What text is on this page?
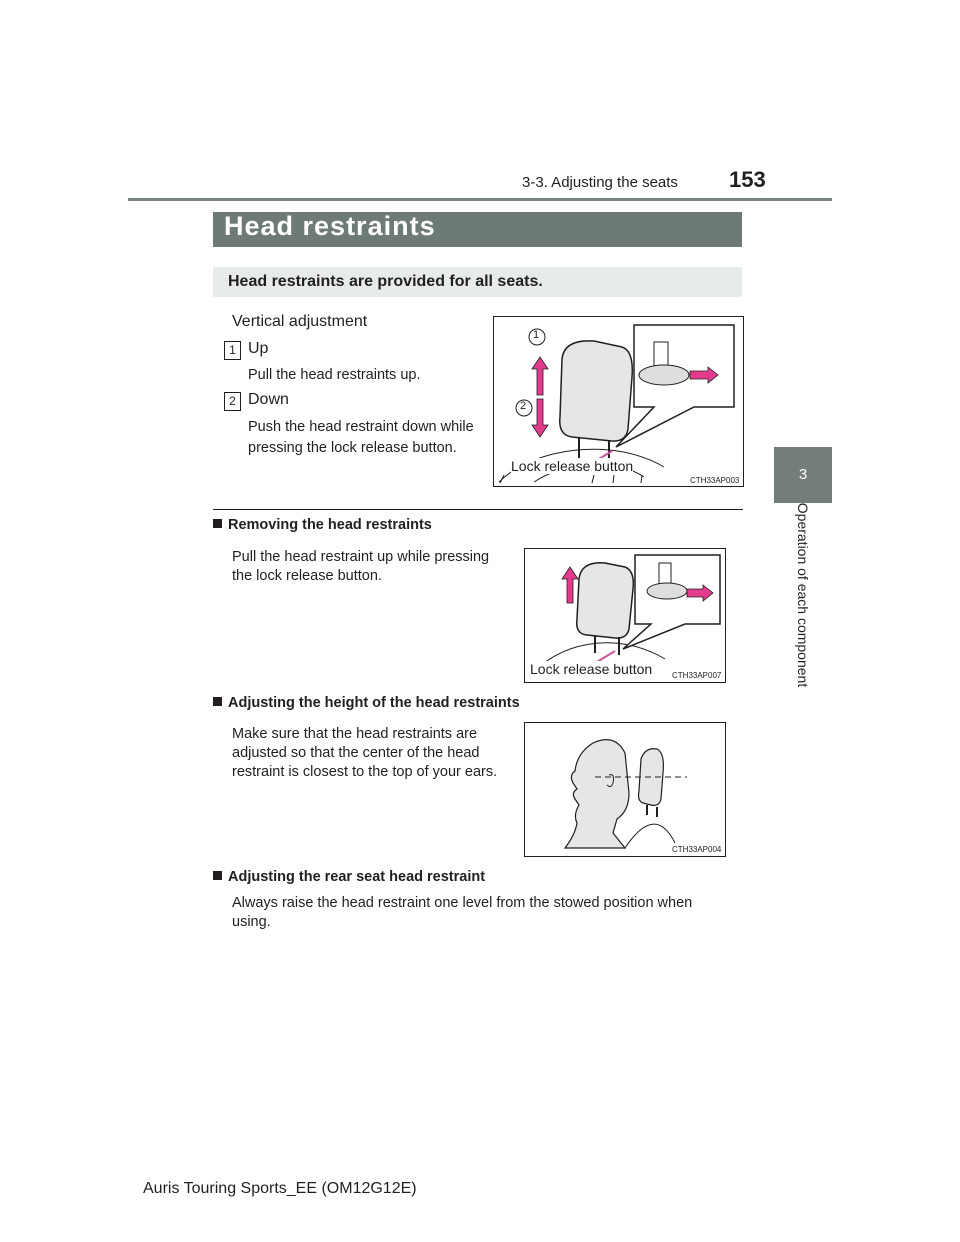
3-3. Adjusting the seats 153
3
Operation of each component
Head restraints
Head restraints are provided for all seats.
Vertical adjustment
1 Up
Pull the head restraints up.
2 Down
Push the head restraint down while
pressing the lock release button.
1
2
Lock release button
CTH33AP003
Removing the head restraints
Pull the head restraint up while pressing
the lock release button.
Lock release button CTH33AP007
Adjusting the height of the head restraints
Make sure that the head restraints are
adjusted so that the center of the head
restraint is closest to the top of your ears.
CTH33AP004
Adjusting the rear seat head restraint
Always raise the head restraint one level from the stowed position when
using.
Auris Touring Sports_EE (OM12G12E)
